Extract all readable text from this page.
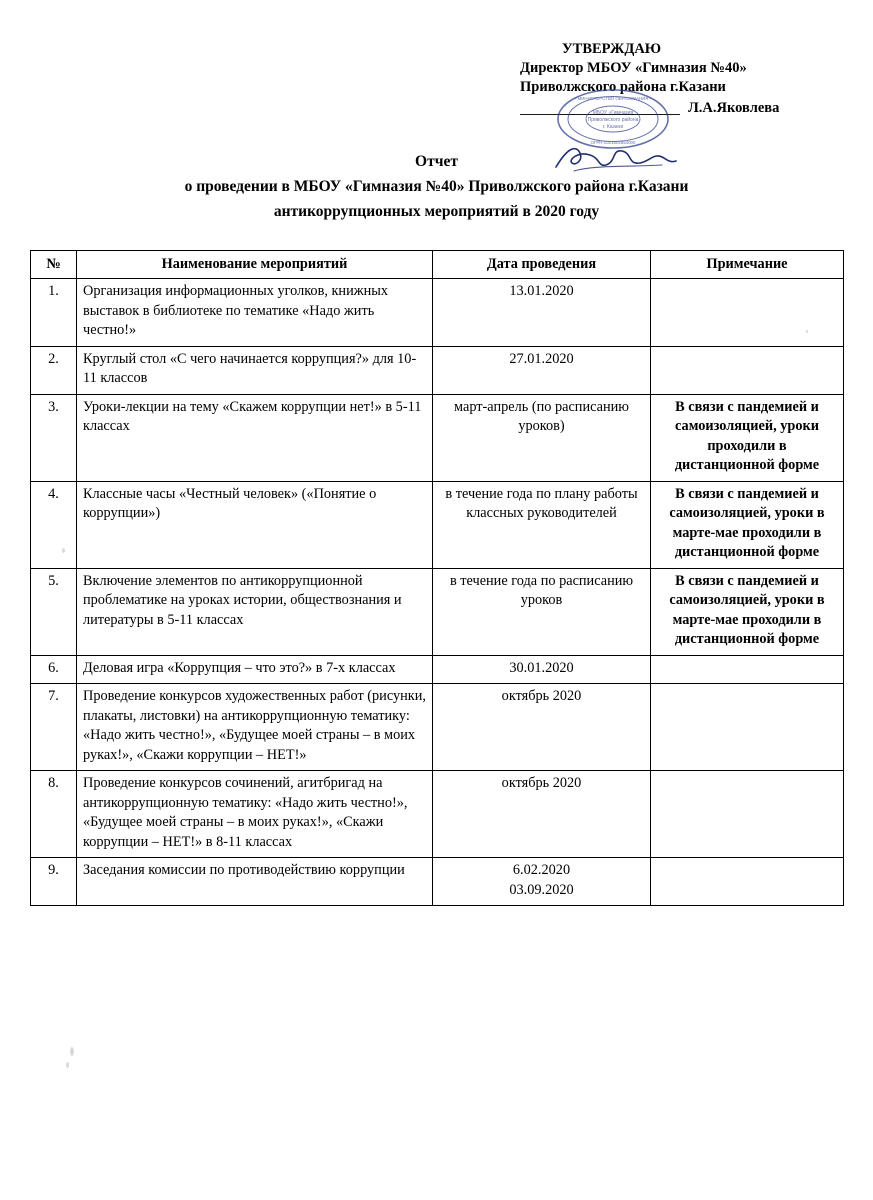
УТВЕРЖДАЮ
Директор МБОУ «Гимназия №40»
Приволжского района г.Казани
Л.А.Яковлева
МБОУ «Гимназия
Приволжского района
г. Казани
• МИНИСТЕРСТВО ОБРАЗОВАНИЯ •
ОГРН 1021602854000
Отчет
о проведении в МБОУ «Гимназия №40» Приволжского района г.Казани
антикоррупционных мероприятий в 2020 году
№	Наименование мероприятий	Дата проведения	Примечание
1.	Организация информационных уголков, книжных выставок в библиотеке по тематике «Надо жить честно!»	13.01.2020	
2.	Круглый стол «С чего начинается коррупция?» для 10-11 классов	27.01.2020	
3.	Уроки-лекции на тему «Скажем коррупции нет!» в 5-11 классах	март-апрель (по расписанию уроков)	В связи с пандемией и самоизоляцией, уроки проходили в дистанционной форме
4.	Классные часы «Честный человек» («Понятие о коррупции»)	в течение года по плану работы классных руководителей	В связи с пандемией и самоизоляцией, уроки в марте-мае проходили в дистанционной форме
5.	Включение элементов по антикоррупционной проблематике на уроках истории, обществознания и литературы в 5-11 классах	в течение года по расписанию уроков	В связи с пандемией и самоизоляцией, уроки в марте-мае проходили в дистанционной форме
6.	Деловая игра «Коррупция – что это?» в 7-х классах	30.01.2020	
7.	Проведение конкурсов художественных работ (рисунки, плакаты, листовки) на антикоррупционную тематику: «Надо жить честно!», «Будущее моей страны – в моих руках!», «Скажи коррупции – НЕТ!»	октябрь 2020	
8.	Проведение конкурсов сочинений, агитбригад на антикоррупционную тематику: «Надо жить честно!», «Будущее моей страны – в моих руках!», «Скажи коррупции – НЕТ!» в 8-11 классах	октябрь 2020	
9.	Заседания комиссии по противодействию коррупции	6.02.2020
03.09.2020	
